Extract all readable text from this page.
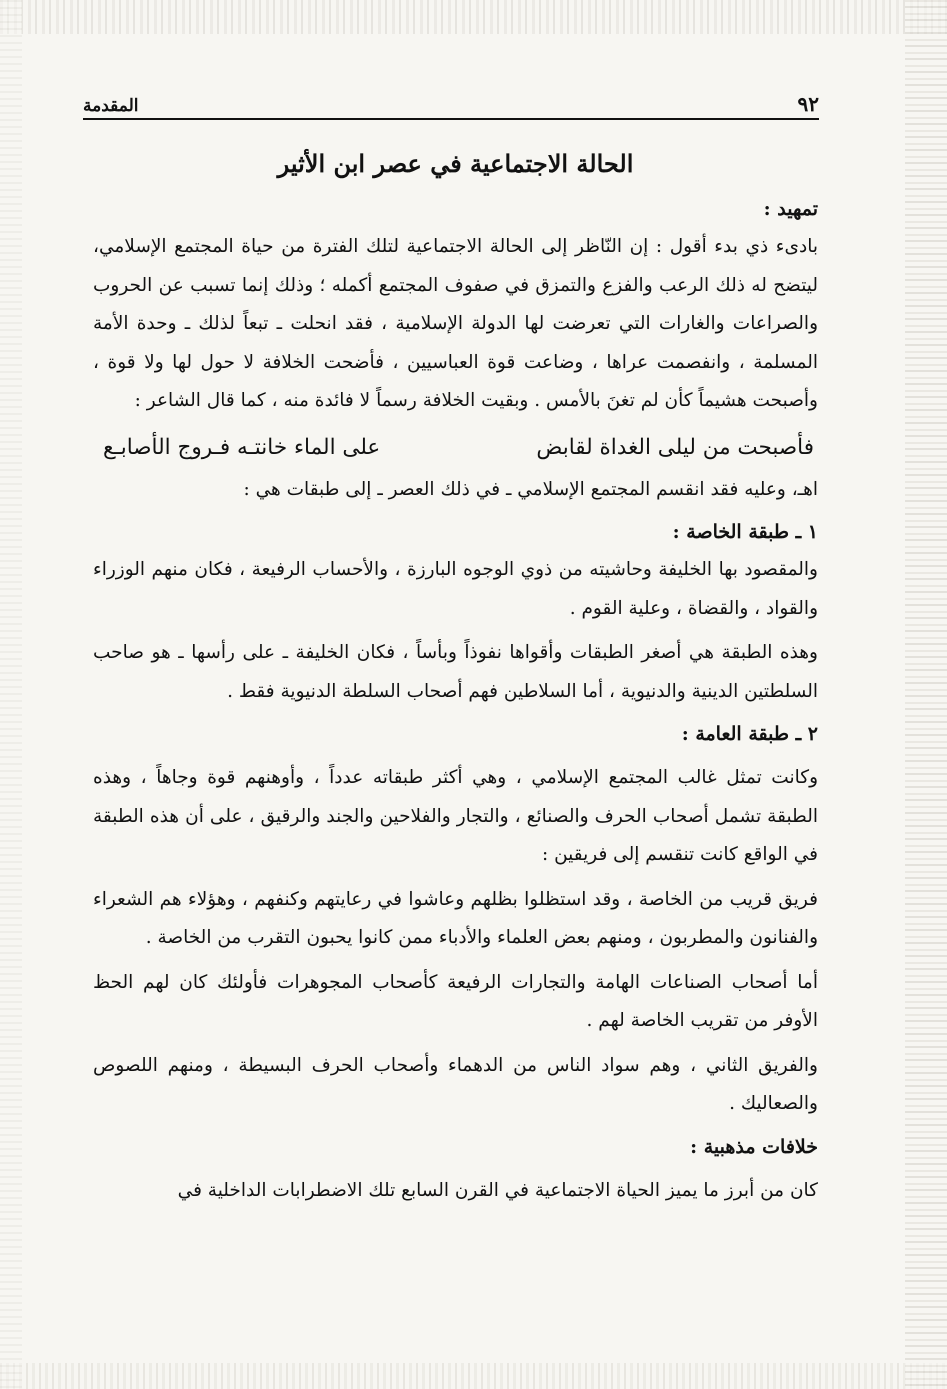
٩٢
المقدمة
الحالة الاجتماعية في عصر ابن الأثير
تمهيد :

بادىء ذي بدء أقول : إن النّاظر إلى الحالة الاجتماعية لتلك الفترة من حياة المجتمع الإسلامي، ليتضح له ذلك الرعب والفزع والتمزق في صفوف المجتمع أكمله ؛ وذلك إنما تسبب عن الحروب والصراعات والغارات التي تعرضت لها الدولة الإسلامية ، فقد انحلت ـ تبعاً لذلك ـ وحدة الأمة المسلمة ، وانفصمت عراها ، وضاعت قوة العباسيين ، فأضحت الخلافة لا حول لها ولا قوة ، وأصبحت هشيماً كأن لم تغنَ بالأمس . وبقيت الخلافة رسماً لا فائدة منه ، كما قال الشاعر :

فأصبحت من ليلى الغداة لقابض
على الماء خانتـه فـروج الأصابـع

اهـ، وعليه فقد انقسم المجتمع الإسلامي ـ في ذلك العصر ـ إلى طبقات هي :

١ ـ طبقة الخاصة :

والمقصود بها الخليفة وحاشيته من ذوي الوجوه البارزة ، والأحساب الرفيعة ، فكان منهم الوزراء والقواد ، والقضاة ، وعلية القوم .

وهذه الطبقة هي أصغر الطبقات وأقواها نفوذاً وبأساً ، فكان الخليفة ـ على رأسها ـ هو صاحب السلطتين الدينية والدنيوية ، أما السلاطين فهم أصحاب السلطة الدنيوية فقط .

٢ ـ طبقة العامة :

وكانت تمثل غالب المجتمع الإسلامي ، وهي أكثر طبقاته عدداً ، وأوهنهم قوة وجاهاً ، وهذه الطبقة تشمل أصحاب الحرف والصنائع ، والتجار والفلاحين والجند والرقيق ، على أن هذه الطبقة في الواقع كانت تنقسم إلى فريقين :

فريق قريب من الخاصة ، وقد استظلوا بظلهم وعاشوا في رعايتهم وكنفهم ، وهؤلاء هم الشعراء والفنانون والمطربون ، ومنهم بعض العلماء والأدباء ممن كانوا يحبون التقرب من الخاصة .

أما أصحاب الصناعات الهامة والتجارات الرفيعة كأصحاب المجوهرات فأولئك كان لهم الحظ الأوفر من تقريب الخاصة لهم .

والفريق الثاني ، وهم سواد الناس من الدهماء وأصحاب الحرف البسيطة ، ومنهم اللصوص والصعاليك .

خلافات مذهبية :

كان من أبرز ما يميز الحياة الاجتماعية في القرن السابع تلك الاضطرابات الداخلية في
